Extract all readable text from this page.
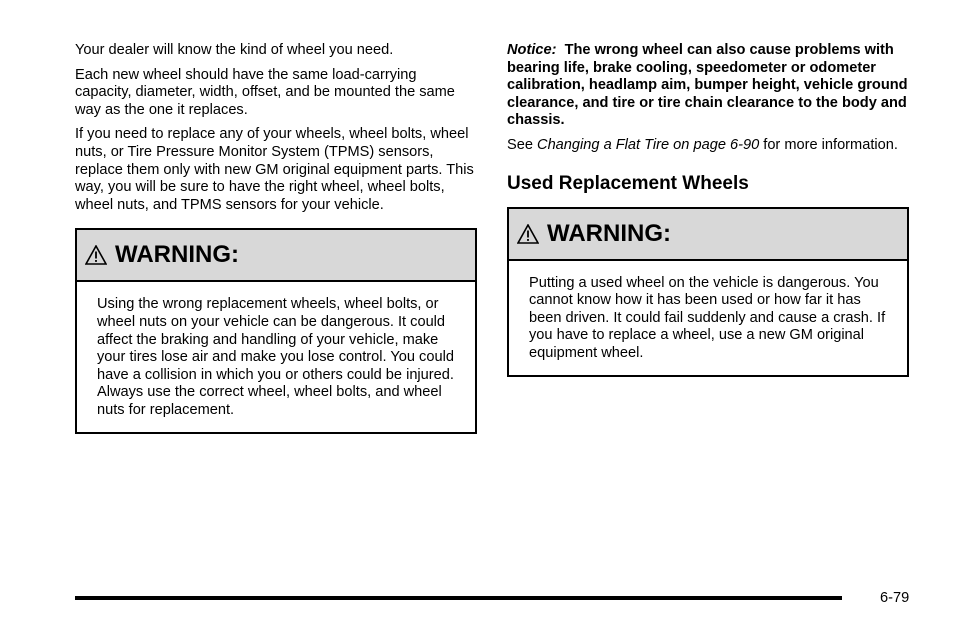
Your dealer will know the kind of wheel you need.

Each new wheel should have the same load-carrying capacity, diameter, width, offset, and be mounted the same way as the one it replaces.

If you need to replace any of your wheels, wheel bolts, wheel nuts, or Tire Pressure Monitor System (TPMS) sensors, replace them only with new GM original equipment parts. This way, you will be sure to have the right wheel, wheel bolts, wheel nuts, and TPMS sensors for your vehicle.

WARNING:

Using the wrong replacement wheels, wheel bolts, or wheel nuts on your vehicle can be dangerous. It could affect the braking and handling of your vehicle, make your tires lose air and make you lose control. You could have a collision in which you or others could be injured. Always use the correct wheel, wheel bolts, and wheel nuts for replacement.

Notice: The wrong wheel can also cause problems with bearing life, brake cooling, speedometer or odometer calibration, headlamp aim, bumper height, vehicle ground clearance, and tire or tire chain clearance to the body and chassis.

See Changing a Flat Tire on page 6-90 for more information.

Used Replacement Wheels
WARNING:

Putting a used wheel on the vehicle is dangerous. You cannot know how it has been used or how far it has been driven. It could fail suddenly and cause a crash. If you have to replace a wheel, use a new GM original equipment wheel.

6-79
